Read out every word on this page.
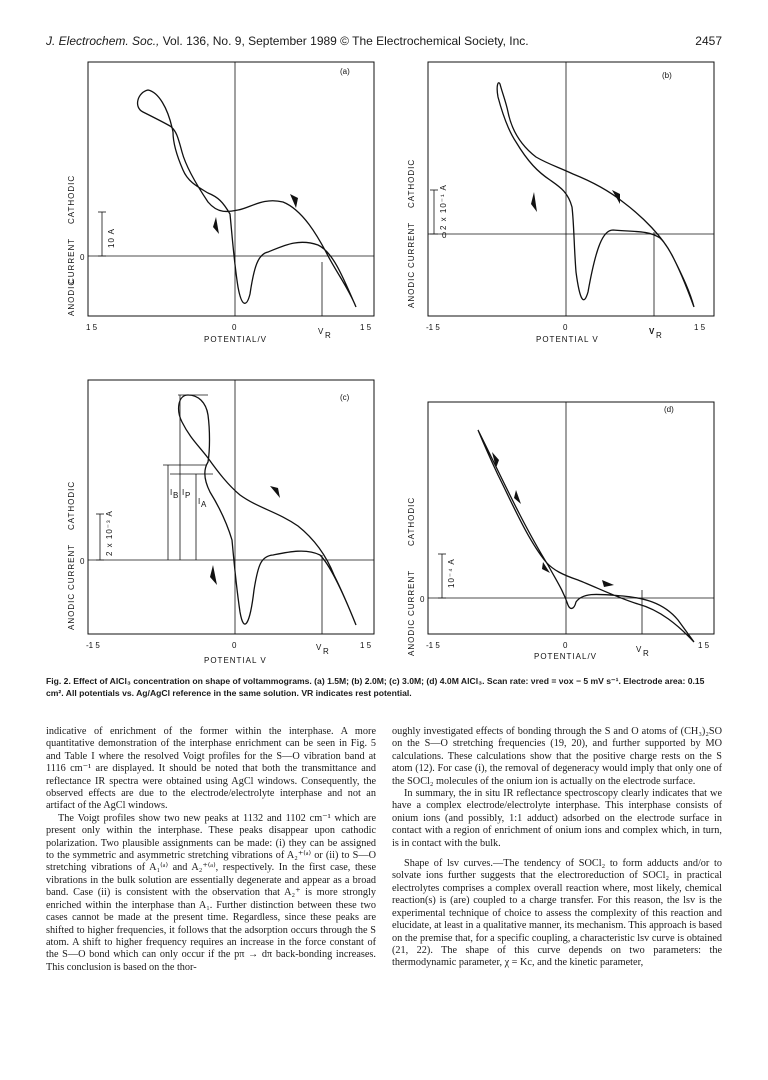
J. Electrochem. Soc., Vol. 136, No. 9, September 1989 © The Electrochemical Society, Inc.	2457
(a)
0
10 A
CURRENT
CATHODIC
ANODIC
1 5	0	1 5
V R
POTENTIAL/V
(b)
0
2 x 10⁻¹ A
CURRENT
CATHODIC
ANODIC
-1 5	0	1 5
V R
POTENTIAL V
(c)
0
2 x 10⁻³ A
CURRENT
CATHODIC
ANODIC
I B I P
I A
-1 5	0	1 5
V R
POTENTIAL V
(d)
0
10⁻⁴ A
CURRENT
CATHODIC
ANODIC -1 5	0	1 5
V R
POTENTIAL/V
Fig. 2. Effect of AlCl₃ concentration on shape of voltammograms. (a) 1.5M; (b) 2.0M; (c) 3.0M; (d) 4.0M AlCl₃. Scan rate: νred = νox − 5 mV s⁻¹. Electrode area: 0.15 cm². All potentials vs. Ag/AgCl reference in the same solution. VR indicates rest potential.

indicative of enrichment of the former within the interphase. A more quantitative demonstration of the interphase enrichment can be seen in Fig. 5 and Table I where the resolved Voigt profiles for the S—O vibration band at 1116 cm⁻¹ are displayed. It should be noted that both the transmittance and reflectance IR spectra were obtained using AgCl windows. Consequently, the observed effects are due to the electrode/electrolyte interphase and not an artifact of the AgCl windows.

The Voigt profiles show two new peaks at 1132 and 1102 cm⁻¹ which are present only within the interphase. These peaks disappear upon cathodic polarization. Two plausible assignments can be made: (i) they can be assigned to the symmetric and asymmetric stretching vibrations of A₂⁺⁽ᵃ⁾ or (ii) to S—O stretching vibrations of A₁⁽ᵃ⁾ and A₂⁺⁽ᵃ⁾, respectively. In the first case, these vibrations in the bulk solution are essentially degenerate and appear as a broad band. Case (ii) is consistent with the observation that A₂⁺ is more strongly enriched within the interphase than A₁. Further distinction between these two cases cannot be made at the present time. Regardless, since these peaks are shifted to higher frequencies, it follows that the adsorption occurs through the S atom. A shift to higher frequency requires an increase in the force constant of the S—O bond which can only occur if the pπ → dπ back-bonding increases. This conclusion is based on the thor-

oughly investigated effects of bonding through the S and O atoms of (CH₃)₂SO on the S—O stretching frequencies (19, 20), and further supported by MO calculations. These calculations show that the positive charge rests on the S atom (12). For case (i), the removal of degeneracy would imply that only one of the SOCl₂ molecules of the onium ion is actually on the electrode surface.

In summary, the in situ IR reflectance spectroscopy clearly indicates that we have a complex electrode/electrolyte interphase. This interphase consists of onium ions (and possibly, 1:1 adduct) adsorbed on the electrode surface in contact with a region of enrichment of onium ions and complex which, in turn, is in contact with the bulk.

Shape of lsv curves.—The tendency of SOCl₂ to form adducts and/or to solvate ions further suggests that the electroreduction of SOCl₂ in practical electrolytes comprises a complex overall reaction where, most likely, chemical reaction(s) is (are) coupled to a charge transfer. For this reason, the lsv is the experimental technique of choice to assess the complexity of this reaction and elucidate, at least in a qualitative manner, its mechanism. This approach is based on the premise that, for a specific coupling, a characteristic lsv curve is obtained (21, 22). The shape of this curve depends on two parameters: the thermodynamic parameter, χ = Kc, and the kinetic parameter,
